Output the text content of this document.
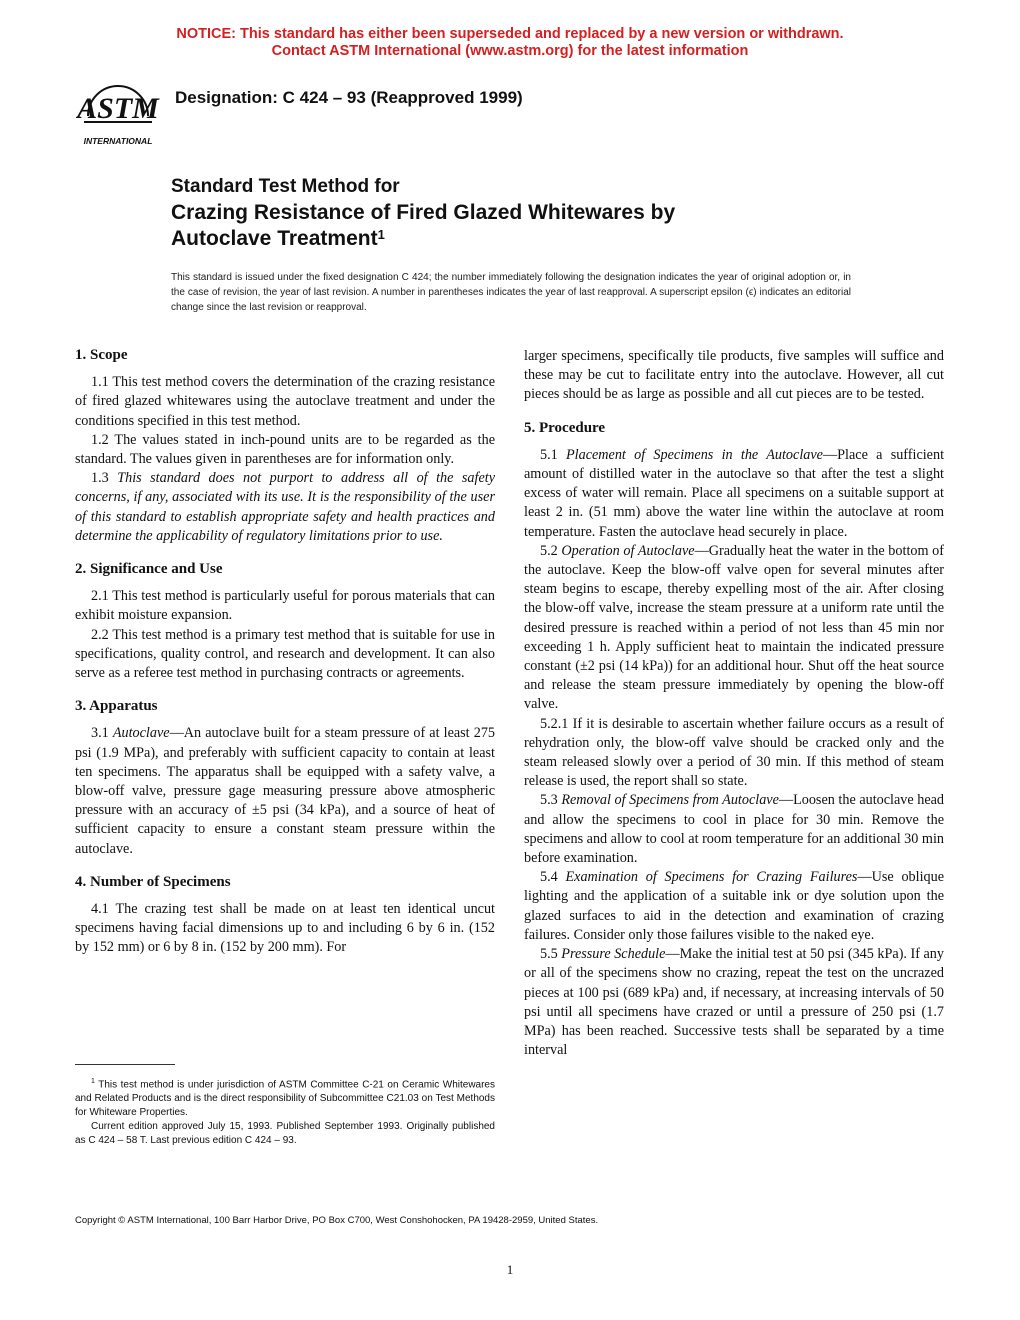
NOTICE: This standard has either been superseded and replaced by a new version or withdrawn.
Contact ASTM International (www.astm.org) for the latest information
ASTM
INTERNATIONAL
Designation: C 424 – 93 (Reapproved 1999)
Standard Test Method for
Crazing Resistance of Fired Glazed Whitewares by
Autoclave Treatment$^1$
This standard is issued under the fixed designation C 424; the number immediately following the designation indicates the year of original adoption or, in the case of revision, the year of last revision. A number in parentheses indicates the year of last reapproval. A superscript epsilon (ϵ) indicates an editorial change since the last revision or reapproval.
1. Scope

1.1 This test method covers the determination of the crazing resistance of fired glazed whitewares using the autoclave treatment and under the conditions specified in this test method.

1.2 The values stated in inch-pound units are to be regarded as the standard. The values given in parentheses are for information only.

1.3 This standard does not purport to address all of the safety concerns, if any, associated with its use. It is the responsibility of the user of this standard to establish appropriate safety and health practices and determine the applicability of regulatory limitations prior to use.

2. Significance and Use

2.1 This test method is particularly useful for porous materials that can exhibit moisture expansion.

2.2 This test method is a primary test method that is suitable for use in specifications, quality control, and research and development. It can also serve as a referee test method in purchasing contracts or agreements.

3. Apparatus

3.1 Autoclave—An autoclave built for a steam pressure of at least 275 psi (1.9 MPa), and preferably with sufficient capacity to contain at least ten specimens. The apparatus shall be equipped with a safety valve, a blow-off valve, pressure gage measuring pressure above atmospheric pressure with an accuracy of ±5 psi (34 kPa), and a source of heat of sufficient capacity to ensure a constant steam pressure within the autoclave.

4. Number of Specimens

4.1 The crazing test shall be made on at least ten identical uncut specimens having facial dimensions up to and including 6 by 6 in. (152 by 152 mm) or 6 by 8 in. (152 by 200 mm). For

larger specimens, specifically tile products, five samples will suffice and these may be cut to facilitate entry into the autoclave. However, all cut pieces should be as large as possible and all cut pieces are to be tested.

5. Procedure

5.1 Placement of Specimens in the Autoclave—Place a sufficient amount of distilled water in the autoclave so that after the test a slight excess of water will remain. Place all specimens on a suitable support at least 2 in. (51 mm) above the water line within the autoclave at room temperature. Fasten the autoclave head securely in place.

5.2 Operation of Autoclave—Gradually heat the water in the bottom of the autoclave. Keep the blow-off valve open for several minutes after steam begins to escape, thereby expelling most of the air. After closing the blow-off valve, increase the steam pressure at a uniform rate until the desired pressure is reached within a period of not less than 45 min nor exceeding 1 h. Apply sufficient heat to maintain the indicated pressure constant (±2 psi (14 kPa)) for an additional hour. Shut off the heat source and release the steam pressure immediately by opening the blow-off valve.

5.2.1 If it is desirable to ascertain whether failure occurs as a result of rehydration only, the blow-off valve should be cracked only and the steam released slowly over a period of 30 min. If this method of steam release is used, the report shall so state.

5.3 Removal of Specimens from Autoclave—Loosen the autoclave head and allow the specimens to cool in place for 30 min. Remove the specimens and allow to cool at room temperature for an additional 30 min before examination.

5.4 Examination of Specimens for Crazing Failures—Use oblique lighting and the application of a suitable ink or dye solution upon the glazed surfaces to aid in the detection and examination of crazing failures. Consider only those failures visible to the naked eye.

5.5 Pressure Schedule—Make the initial test at 50 psi (345 kPa). If any or all of the specimens show no crazing, repeat the test on the uncrazed pieces at 100 psi (689 kPa) and, if necessary, at increasing intervals of 50 psi until all specimens have crazed or until a pressure of 250 psi (1.7 MPa) has been reached. Successive tests shall be separated by a time interval

$^1$ This test method is under jurisdiction of ASTM Committee C-21 on Ceramic Whitewares and Related Products and is the direct responsibility of Subcommittee C21.03 on Test Methods for Whiteware Properties.

Current edition approved July 15, 1993. Published September 1993. Originally published as C 424 – 58 T. Last previous edition C 424 – 93.

Copyright © ASTM International, 100 Barr Harbor Drive, PO Box C700, West Conshohocken, PA 19428-2959, United States.
1
